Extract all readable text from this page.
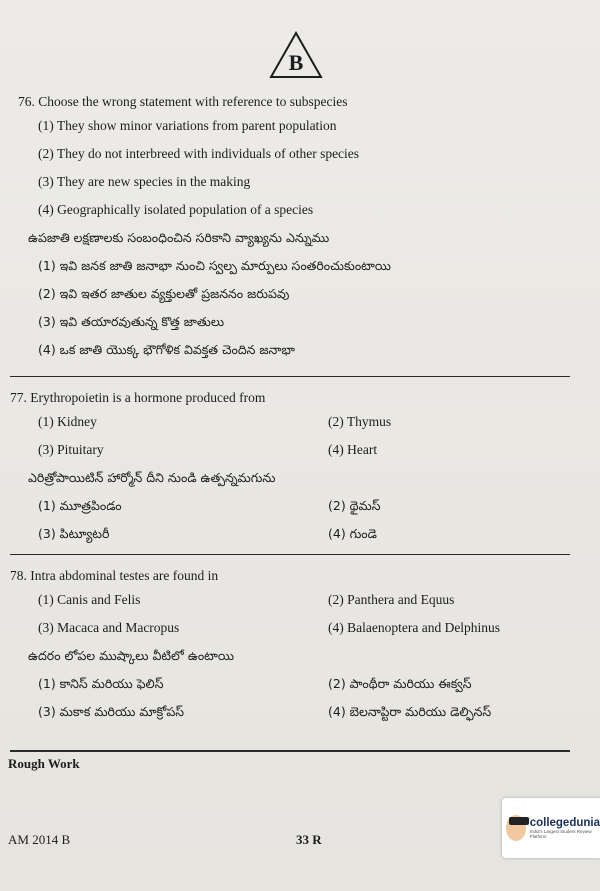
B
76. Choose the wrong statement with reference to subspecies
(1) They show minor variations from parent population
(2) They do not interbreed with individuals of other species
(3) They are new species in the making
(4) Geographically isolated population of a species
ఉపజాతి లక్షణాలకు సంబంధించిన సరికాని వ్యాఖ్యను ఎన్నుము
(1) ఇవి జనక జాతి జనాభా నుంచి స్వల్ప మార్పులు సంతరించుకుంటాయి
(2) ఇవి ఇతర జాతుల వ్యక్తులతో ప్రజననం జరుపవు
(3) ఇవి తయారవుతున్న కొత్త జాతులు
(4) ఒక జాతి యొక్క భౌగోళిక వివక్తత చెందిన జనాభా
77. Erythropoietin is a hormone produced from
(1) Kidney	(2) Thymus
(3) Pituitary	(4) Heart
ఎరిత్రోపాయిటిన్ హార్మోన్ దీని నుండి ఉత్పన్నమగును
(1) మూత్రపిండం	(2) థైమస్
(3) పిట్యూటరీ	(4) గుండె
78. Intra abdominal testes are found in
(1) Canis and Felis	(2) Panthera and Equus
(3) Macaca and Macropus	(4) Balaenoptera and Delphinus
ఉదరం లోపల ముష్కాలు వీటిలో ఉంటాయి
(1) కానిస్ మరియు ఫెలిస్	(2) పాంథీరా మరియు ఈక్వస్
(3) మకాక మరియు మాక్రోపస్	(4) బెలనాప్టిరా మరియు డెల్ఫినస్
Rough Work
AM 2014 B	33 R
collegedunia
India's Largest Student Review Platform
